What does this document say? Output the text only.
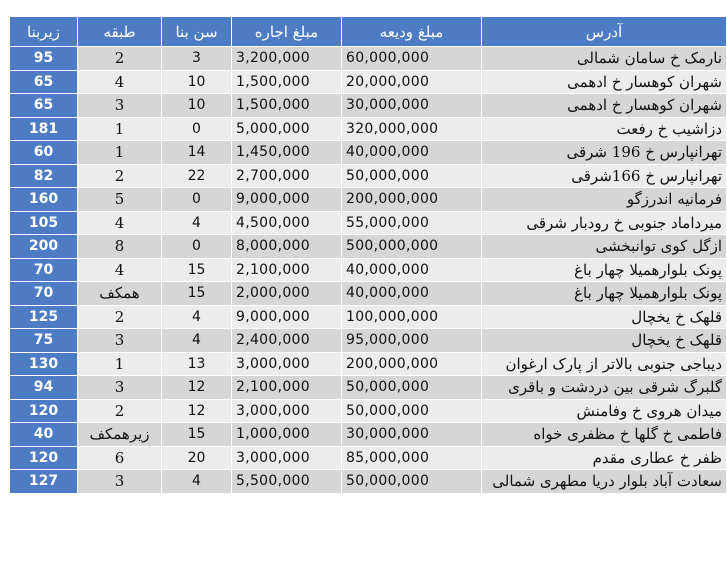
آدرس	مبلغ ودیعه	مبلغ اجاره	سن بنا	طبقه	زیربنا
نارمک خ سامان شمالی	60,000,000	3,200,000	3	2	95
شهران کوهسار خ ادهمی	20,000,000	1,500,000	10	4	65
شهران کوهسار خ ادهمی	30,000,000	1,500,000	10	3	65
دزاشیب خ رفعت	320,000,000	5,000,000	0	1	181
تهرانپارس خ 196 شرقی	40,000,000	1,450,000	14	1	60
تهرانپارس خ 166شرقی	50,000,000	2,700,000	22	2	82
فرمانیه اندرزگو	200,000,000	9,000,000	0	5	160
میرداماد جنوبی خ رودبار شرقی	55,000,000	4,500,000	4	4	105
ازگل کوی توانبخشی	500,000,000	8,000,000	0	8	200
پونک بلوارهمیلا چهار باغ	40,000,000	2,100,000	15	4	70
پونک بلوارهمیلا چهار باغ	40,000,000	2,000,000	15	همکف	70
قلهک خ یخچال	100,000,000	9,000,000	4	2	125
قلهک خ یخچال	95,000,000	2,400,000	4	3	75
دیباجی جنوبی بالاتر از پارک ارغوان	200,000,000	3,000,000	13	1	130
گلبرگ شرقی بین دردشت و باقری	50,000,000	2,100,000	12	3	94
میدان هروی خ وفامنش	50,000,000	3,000,000	12	2	120
فاطمی خ گلها خ مظفری خواه	30,000,000	1,000,000	15	زیرهمکف	40
ظفر خ عطاری مقدم	85,000,000	3,000,000	20	6	120
سعادت آباد بلوار دریا مطهری شمالی	50,000,000	5,500,000	4	3	127
